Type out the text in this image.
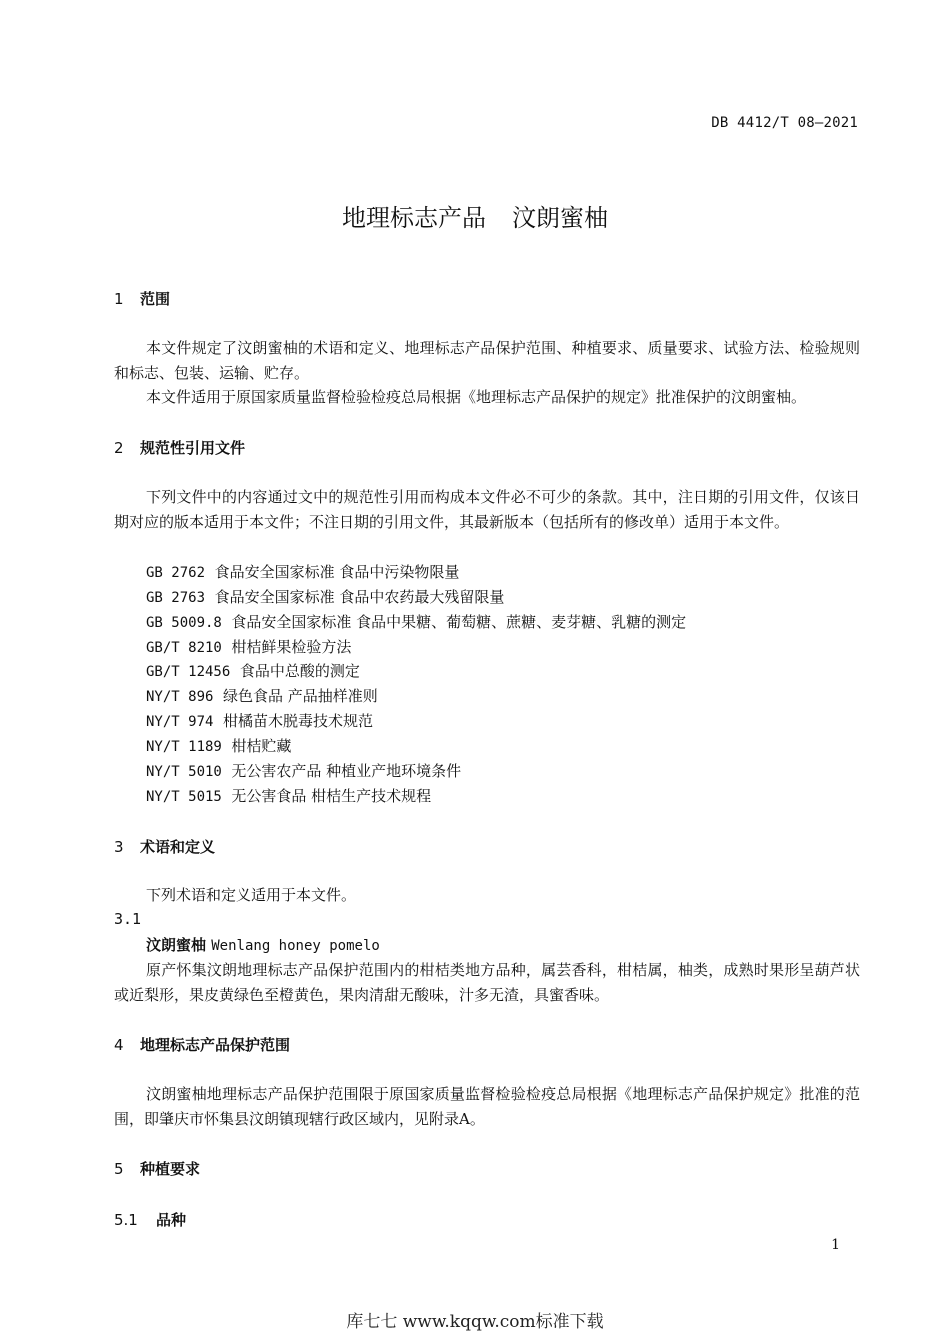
DB 4412/T 08—2021
地理标志产品 汶朗蜜柚
1 范围
本文件规定了汶朗蜜柚的术语和定义、地理标志产品保护范围、种植要求、质量要求、试验方法、检验规则和标志、包装、运输、贮存。
本文件适用于原国家质量监督检验检疫总局根据《地理标志产品保护的规定》批准保护的汶朗蜜柚。
2 规范性引用文件
下列文件中的内容通过文中的规范性引用而构成本文件必不可少的条款。其中，注日期的引用文件，仅该日期对应的版本适用于本文件；不注日期的引用文件，其最新版本（包括所有的修改单）适用于本文件。
GB 2762 食品安全国家标准 食品中污染物限量
GB 2763 食品安全国家标准 食品中农药最大残留限量
GB 5009.8 食品安全国家标准 食品中果糖、葡萄糖、蔗糖、麦芽糖、乳糖的测定
GB/T 8210 柑桔鲜果检验方法
GB/T 12456 食品中总酸的测定
NY/T 896 绿色食品 产品抽样准则
NY/T 974 柑橘苗木脱毒技术规范
NY/T 1189 柑桔贮藏
NY/T 5010 无公害农产品 种植业产地环境条件
NY/T 5015 无公害食品 柑桔生产技术规程
3 术语和定义
下列术语和定义适用于本文件。
3.1
汶朗蜜柚 Wenlang honey pomelo
原产怀集汶朗地理标志产品保护范围内的柑桔类地方品种，属芸香科，柑桔属，柚类，成熟时果形呈葫芦状或近梨形，果皮黄绿色至橙黄色，果肉清甜无酸味，汁多无渣，具蜜香味。
4 地理标志产品保护范围
汶朗蜜柚地理标志产品保护范围限于原国家质量监督检验检疫总局根据《地理标志产品保护规定》批准的范围，即肇庆市怀集县汶朗镇现辖行政区域内，见附录A。
5 种植要求
5.1 品种
1
库七七 www.kqqw.com标准下载
